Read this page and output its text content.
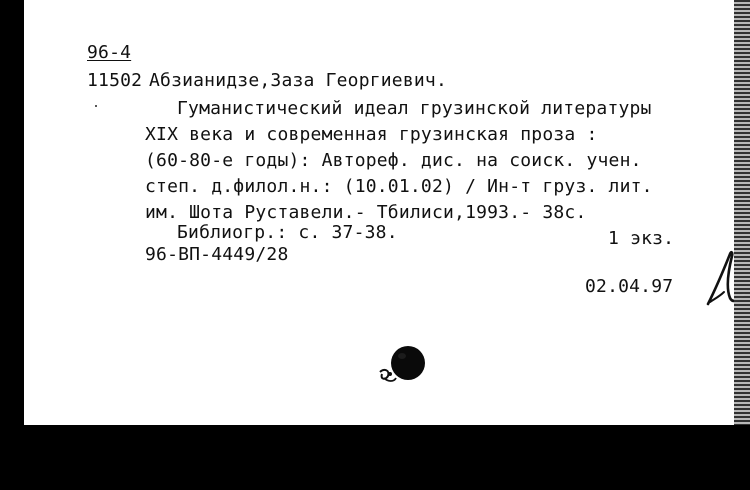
96-4
11502 Абзианидзе,Заза Георгиевич.
Гуманистический идеал грузинской литературы
XIX века и современная грузинская проза :
(60-80-е годы): Автореф. дис. на соиск. учен.
степ. д.филол.н.: (10.01.02) / Ин-т груз. лит.
им. Шота Руставели.- Тбилиси,1993.- 38с.
Библиогр.: с. 37-38.	1 экз.
96-ВП-4449/28
02.04.97
